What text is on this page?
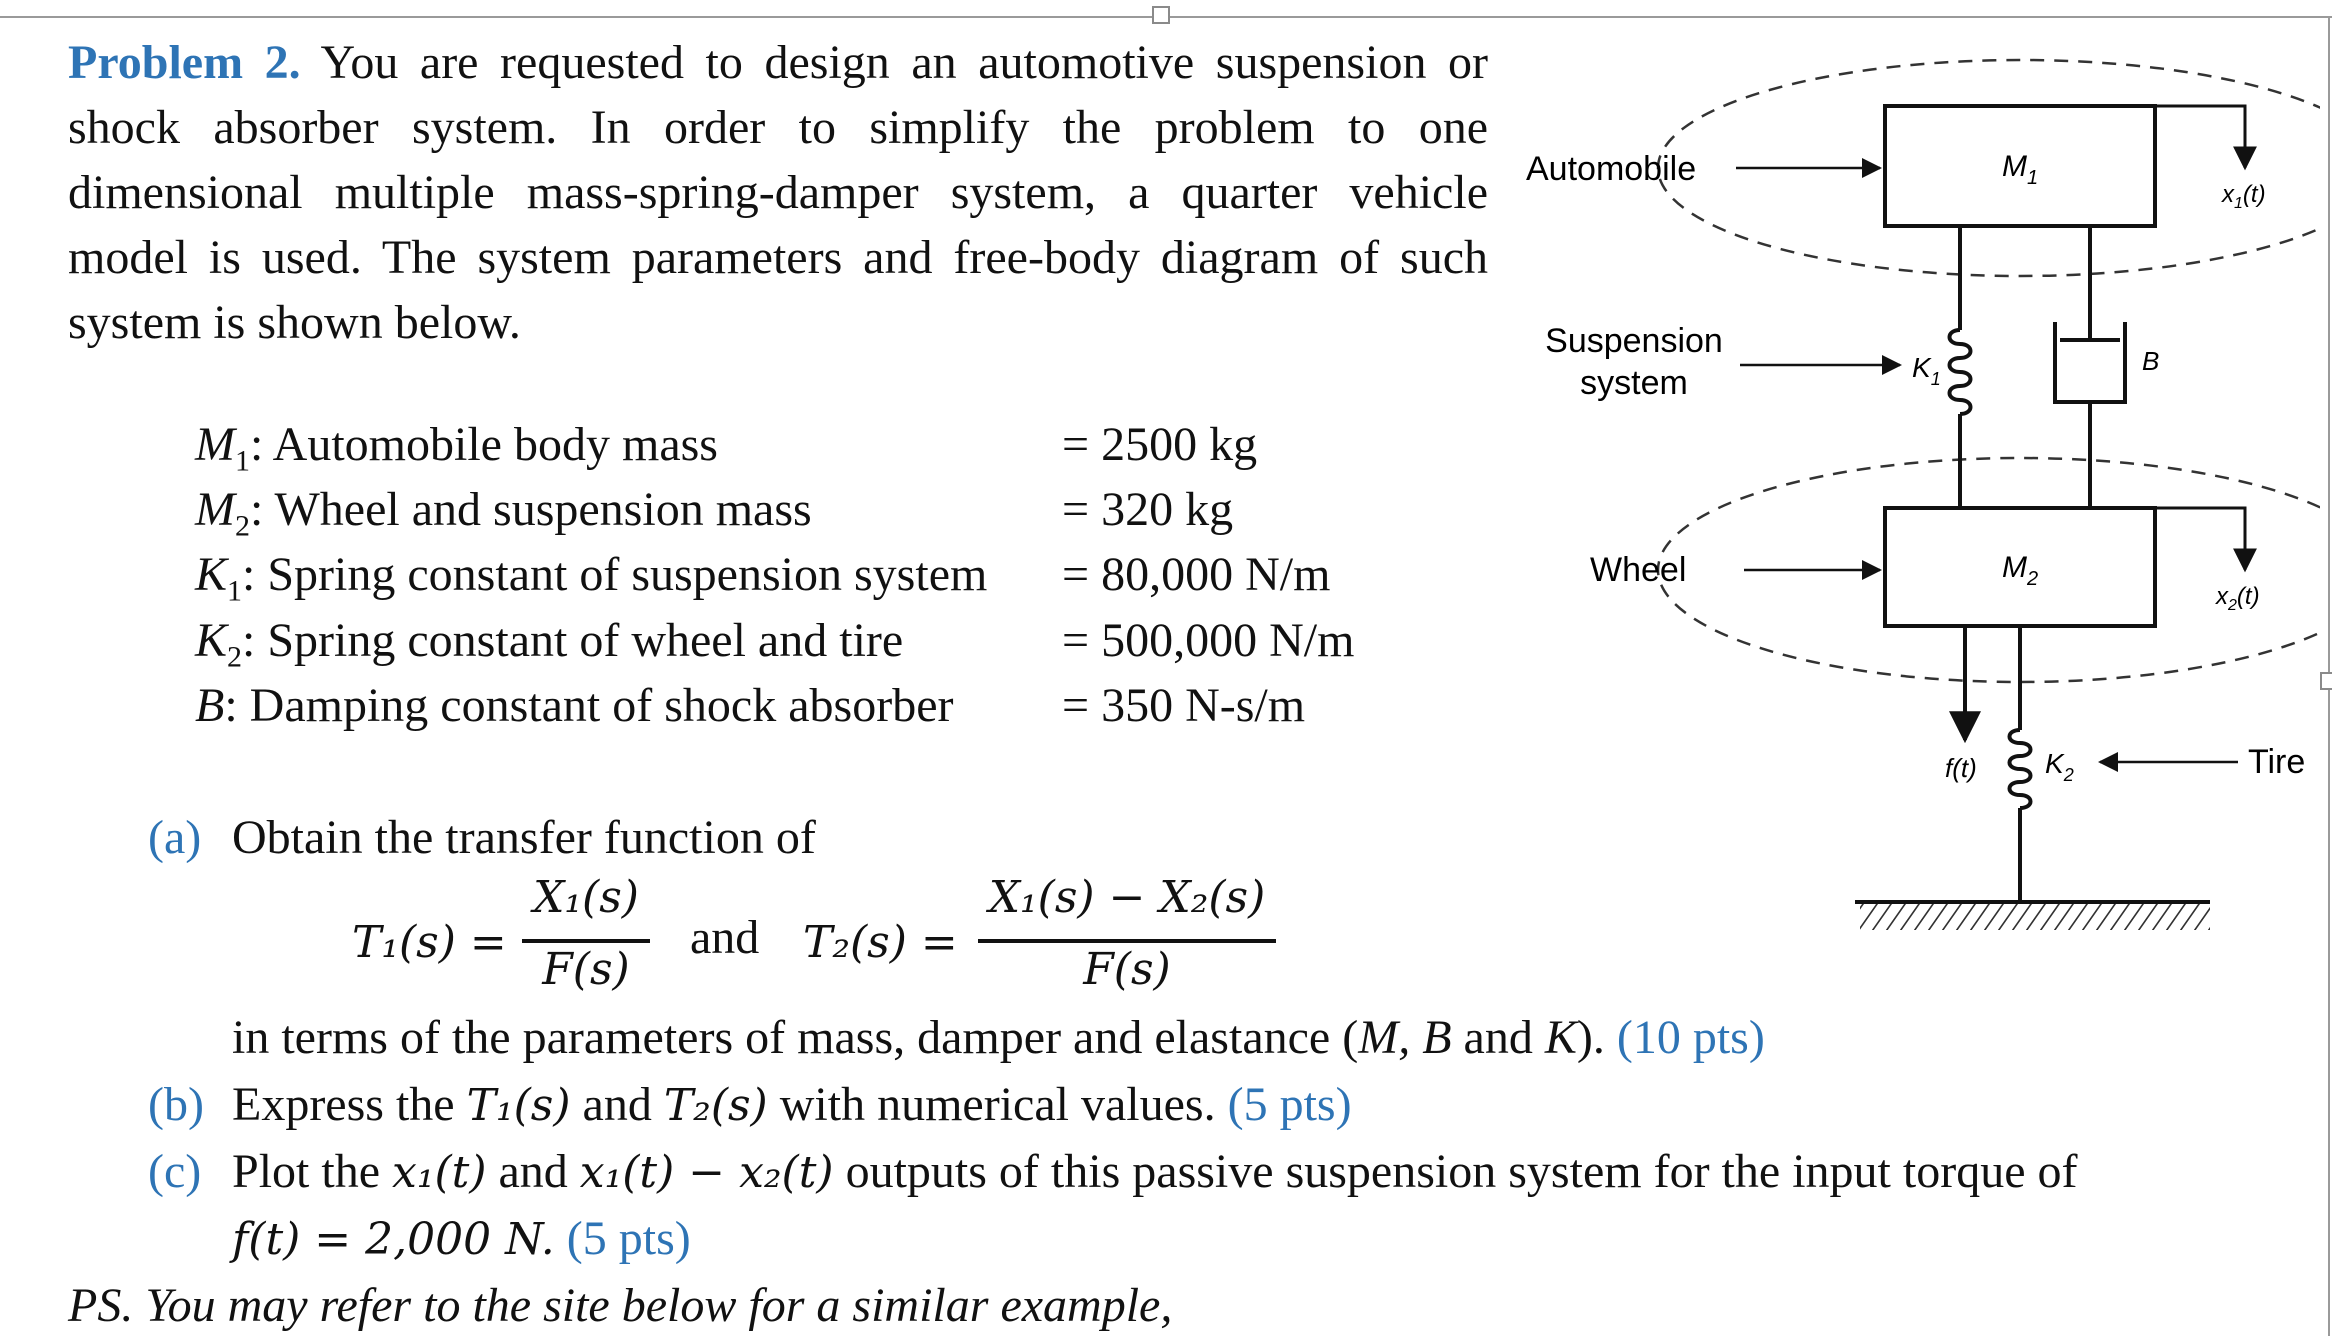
Problem 2. You are requested to design an automotive suspension or shock absorber system. In order to simplify the problem to one dimensional multiple mass-spring-damper system, a quarter vehicle model is used. The system parameters and free-body diagram of such system is shown below.
$M_1$: Automobile body mass	= 2500 kg
$M_2$: Wheel and suspension mass	= 320 kg
$K_1$: Spring constant of suspension system = 80,000 N/m
$K_2$: Spring constant of wheel and tire	= 500,000 N/m
B: Damping constant of shock absorber = 350 N-s/m
(a) Obtain the transfer function of
T₁(s) =
X₁(s)
F(s)
and T₂(s) =
X₁(s) − X₂(s)
F(s)
in terms of the parameters of mass, damper and elastance (M, B and K). (10 pts)
(b) Express the T₁(s) and T₂(s) with numerical values. (5 pts)
(c) Plot the x₁(t) and x₁(t) − x₂(t) outputs of this passive suspension system for the input torque of
f(t) = 2,000 N. (5 pts)
PS. You may refer to the site below for a similar example,
$M_1$
$M_2$
$K_1$
B
f(t) $K_2$
$x_1(t)$
$x_2(t)$
Automobile
Suspension
system
Wheel
Tire
